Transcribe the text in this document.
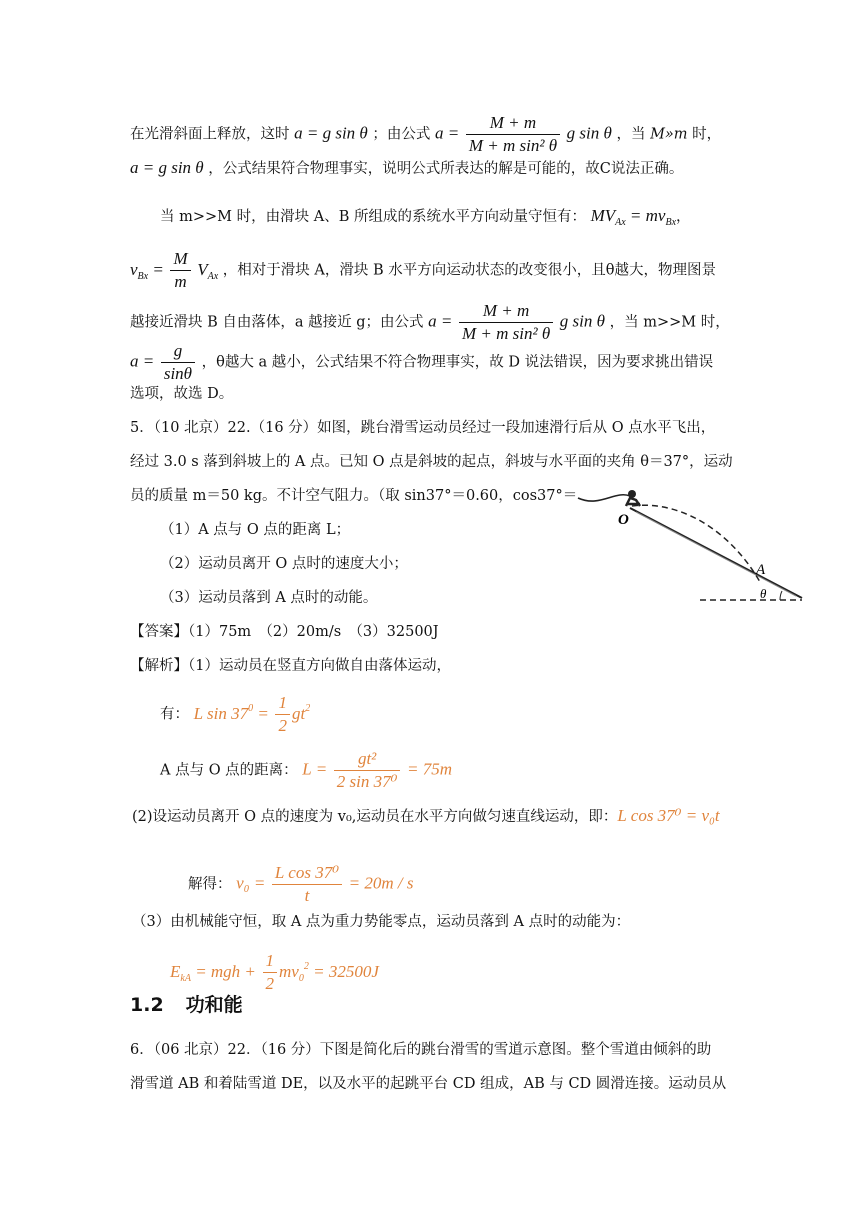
在光滑斜面上释放，这时 a = g sin θ ；由公式 $a = \frac{M + m}{\text{M + m sin² θ}}$ g sin θ ，当 M»m 时，
a = g sin θ ，公式结果符合物理事实，说明公式所表达的解是可能的，故C说法正确。
当 m>>M 时，由滑块 A、B 所组成的系统水平方向动量守恒有： $MV_{Ax} = mv_{Bx}$，
$v_{Bx} = \frac{M}{m} V_{Ax}$ ，相对于滑块 A，滑块 B 水平方向运动状态的改变很小，且θ越大，物理图景
越接近滑块 B 自由落体，a 越接近 g；由公式 $a = \frac{M + m}{\text{M + m sin² θ}}$ g sin θ ，当 m>>M 时，
$a = \frac{g}{\sin\theta}$ ，θ越大 a 越小，公式结果不符合物理事实，故 D 说法错误，因为要求挑出错误
选项，故选 D。
5．（10 北京）22.（16 分）如图，跳台滑雪运动员经过一段加速滑行后从 O 点水平飞出，
经过 3.0 s 落到斜坡上的 A 点。已知 O 点是斜坡的起点，斜坡与水平面的夹角 θ＝37°，运动
员的质量 m＝50 kg。不计空气阻力。（取 sin37°＝0.60，cos37°＝
（1）A 点与 O 点的距离 L；
（2）运动员离开 O 点时的速度大小；
（3）运动员落到 A 点时的动能。
O
A
θ
【答案】（1）75m　（2）20m/s　（3）32500J
【解析】（1）运动员在竖直方向做自由落体运动，
有： L $\sin 37^0 = \frac{1}{2} gt^2$
A 点与 O 点的距离： $L = \frac{\text{gt²}}{\text{2 sin 37⁰}} = 75m$
(2)设运动员离开 O 点的速度为 v₀,运动员在水平方向做匀速直线运动，即：L cos 37⁰ = v₀t
解得： $v_0 = \frac{\text{L cos 37⁰}}{t} = 20m / s$
（3）由机械能守恒，取 A 点为重力势能零点，运动员落到 A 点时的动能为：
$E_{kA}$ = mgh + $\frac{1}{2} mv_0^2 = 32500J$
1.2 功和能
6．（06 北京）22．（16 分）下图是简化后的跳台滑雪的雪道示意图。整个雪道由倾斜的助
滑雪道 AB 和着陆雪道 DE，以及水平的起跳平台 CD 组成，AB 与 CD 圆滑连接。运动员从
